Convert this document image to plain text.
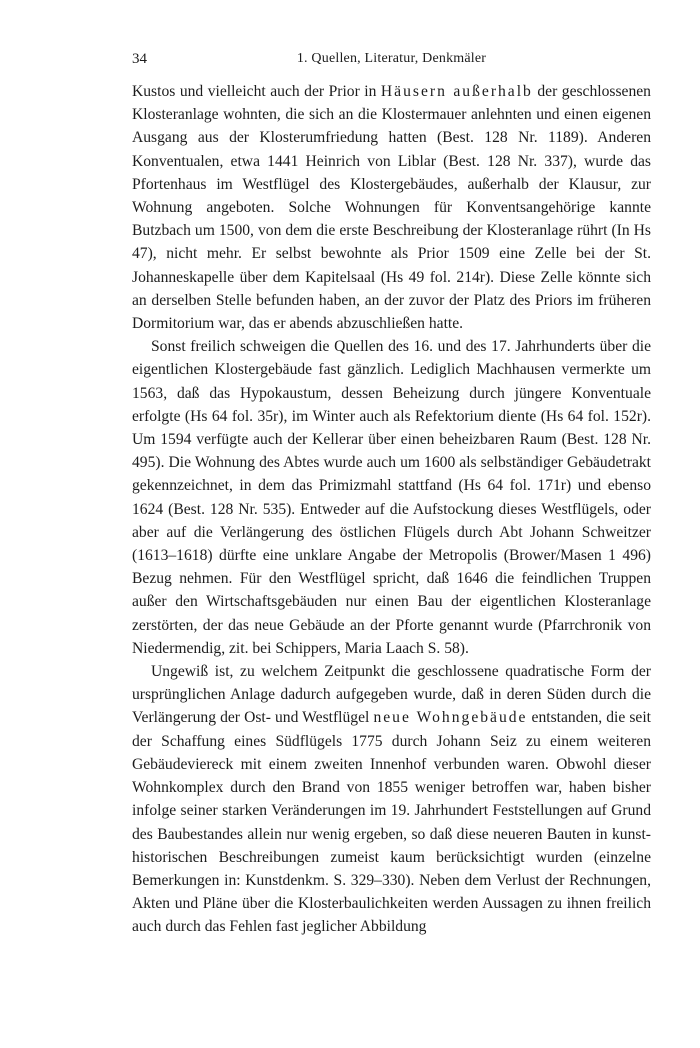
34	1. Quellen, Literatur, Denkmäler

Kustos und vielleicht auch der Prior in Häusern außerhalb der geschlossenen Klosteranlage wohnten, die sich an die Klostermauer anlehnten und einen eigenen Ausgang aus der Klosterumfriedung hatten (Best. 128 Nr. 1189). Anderen Konventualen, etwa 1441 Heinrich von Liblar (Best. 128 Nr. 337), wurde das Pfortenhaus im Westflügel des Klostergebäudes, außerhalb der Klausur, zur Wohnung angeboten. Solche Wohnungen für Konventsangehörige kannte Butzbach um 1500, von dem die erste Beschreibung der Klosteranlage rührt (In Hs 47), nicht mehr. Er selbst bewohnte als Prior 1509 eine Zelle bei der St. Johanneskapelle über dem Kapitelsaal (Hs 49 fol. 214r). Diese Zelle könnte sich an derselben Stelle befunden haben, an der zuvor der Platz des Priors im früheren Dormitorium war, das er abends abzuschließen hatte.

Sonst freilich schweigen die Quellen des 16. und des 17. Jahrhunderts über die eigentlichen Klostergebäude fast gänzlich. Lediglich Machhausen vermerkte um 1563, daß das Hypokaustum, dessen Beheizung durch jüngere Konventuale erfolgte (Hs 64 fol. 35r), im Winter auch als Refektorium diente (Hs 64 fol. 152r). Um 1594 verfügte auch der Kellerar über einen beheizbaren Raum (Best. 128 Nr. 495). Die Wohnung des Abtes wurde auch um 1600 als selbständiger Gebäudetrakt gekennzeichnet, in dem das Primizmahl stattfand (Hs 64 fol. 171r) und ebenso 1624 (Best. 128 Nr. 535). Entweder auf die Aufstockung dieses Westflügels, oder aber auf die Verlängerung des östlichen Flügels durch Abt Johann Schweitzer (1613–1618) dürfte eine unklare Angabe der Metropolis (Brower/Masen 1 496) Bezug nehmen. Für den Westflügel spricht, daß 1646 die feindlichen Truppen außer den Wirtschaftsgebäuden nur einen Bau der eigentlichen Klosteranlage zerstörten, der das neue Gebäude an der Pforte genannt wurde (Pfarrchronik von Niedermendig, zit. bei Schippers, Maria Laach S. 58).

Ungewiß ist, zu welchem Zeitpunkt die geschlossene quadratische Form der ursprünglichen Anlage dadurch aufgegeben wurde, daß in deren Süden durch die Verlängerung der Ost- und Westflügel neue Wohngebäude entstanden, die seit der Schaffung eines Südflügels 1775 durch Johann Seiz zu einem weiteren Gebäudeviereck mit einem zweiten Innenhof verbunden waren. Obwohl dieser Wohnkomplex durch den Brand von 1855 weniger betroffen war, haben bisher infolge seiner starken Veränderungen im 19. Jahrhundert Feststellungen auf Grund des Baubestandes allein nur wenig ergeben, so daß diese neueren Bauten in kunsthistorischen Beschreibungen zumeist kaum berücksichtigt wurden (einzelne Bemerkungen in: Kunstdenkm. S. 329–330). Neben dem Verlust der Rechnungen, Akten und Pläne über die Klosterbaulichkeiten werden Aussagen zu ihnen freilich auch durch das Fehlen fast jeglicher Abbildung
